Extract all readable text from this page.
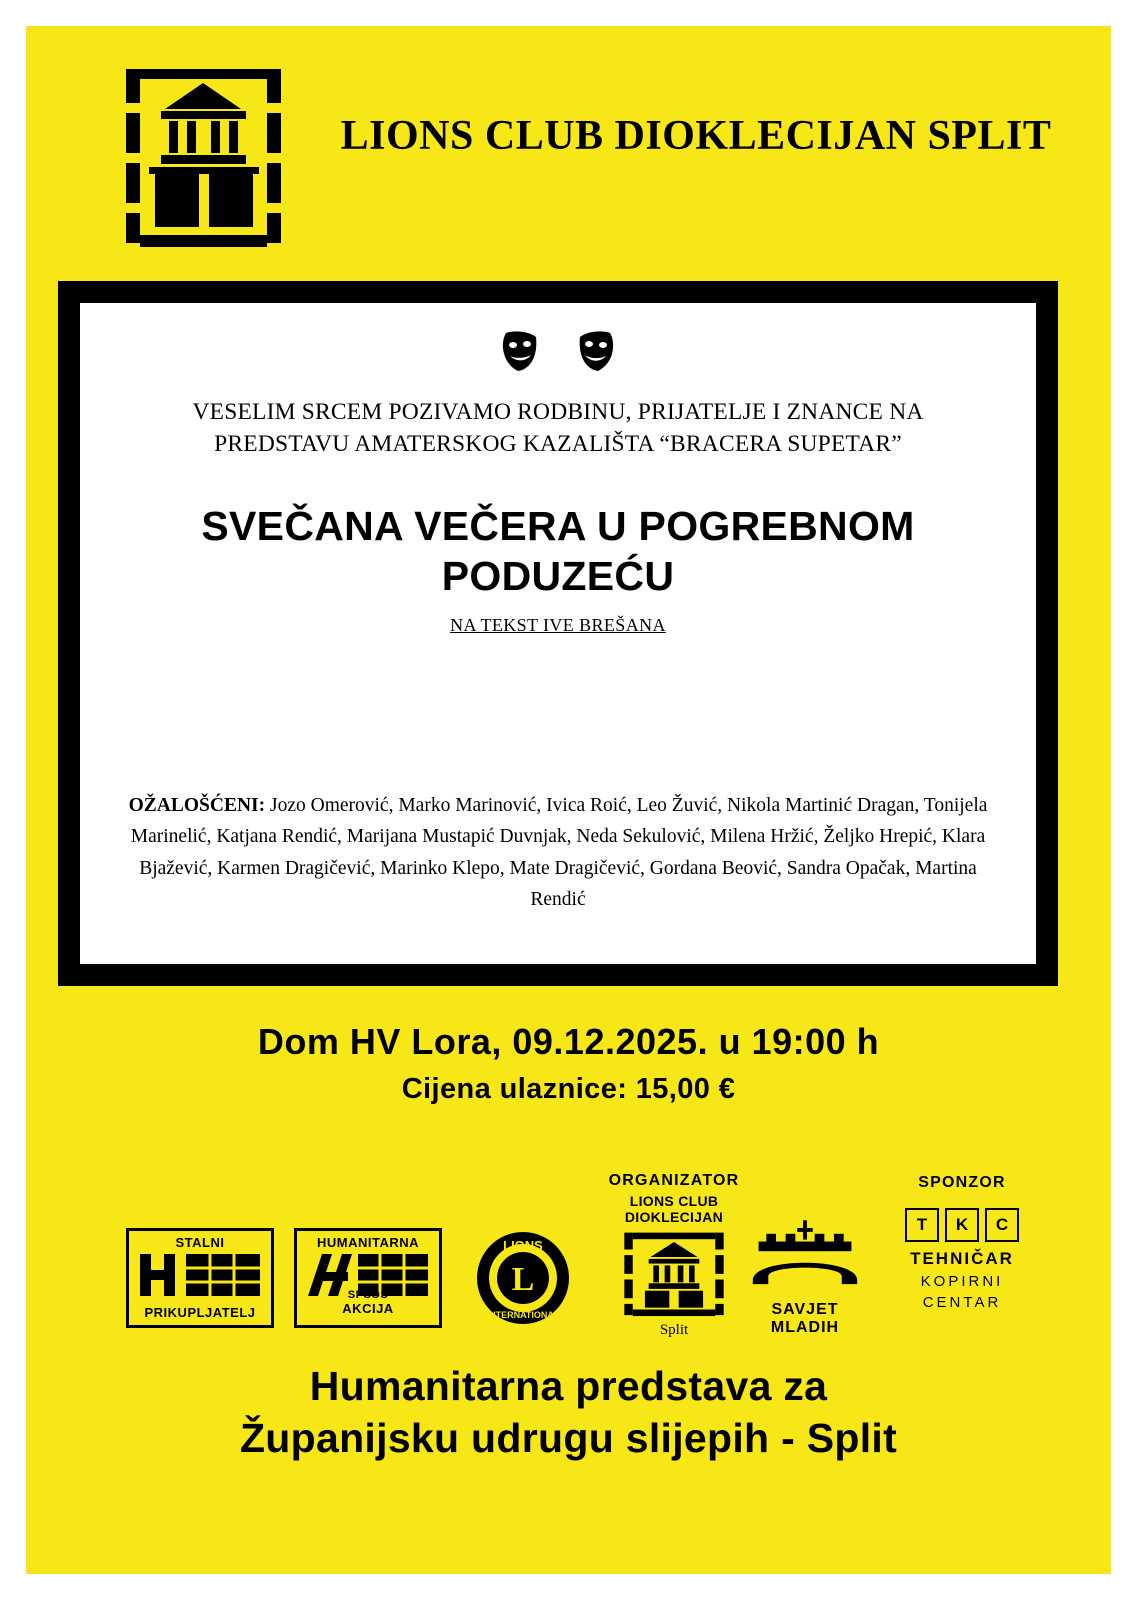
LIONS CLUB DIOKLECIJAN SPLIT
VESELIM SRCEM POZIVAMO RODBINU, PRIJATELJE I ZNANCE NA
PREDSTAVU AMATERSKOG KAZALIŠTA “BRACERA SUPETAR”
SVEČANA VEČERA U POGREBNOM PODUZEĆU
NA TEKST IVE BREŠANA
OŽALOŠĆENI: Jozo Omerović, Marko Marinović, Ivica Roić, Leo Žuvić, Nikola Martinić Dragan, Tonijela Marinelić, Katjana Rendić, Marijana Mustapić Duvnjak, Neda Sekulović, Milena Hržić, Željko Hrepić, Klara Bjažević, Karmen Dragičević, Marinko Klepo, Mate Dragičević, Gordana Beović, Sandra Opačak, Martina Rendić
Dom HV Lora, 09.12.2025. u 19:00 h
Cijena ulaznice: 15,00 €
STALNI
PRIKUPLJATELJ
HUMANITARNA
SPSOS
AKCIJA
L
LIONS
INTERNATIONAL
ORGANIZATOR
LIONS CLUB
DIOKLECIJAN
Split
SAVJET
MLADIH
SPONZOR
T	K	C
TEHNIČAR
KOPIRNI
CENTAR
Humanitarna predstava za
Županijsku udrugu slijepih - Split
